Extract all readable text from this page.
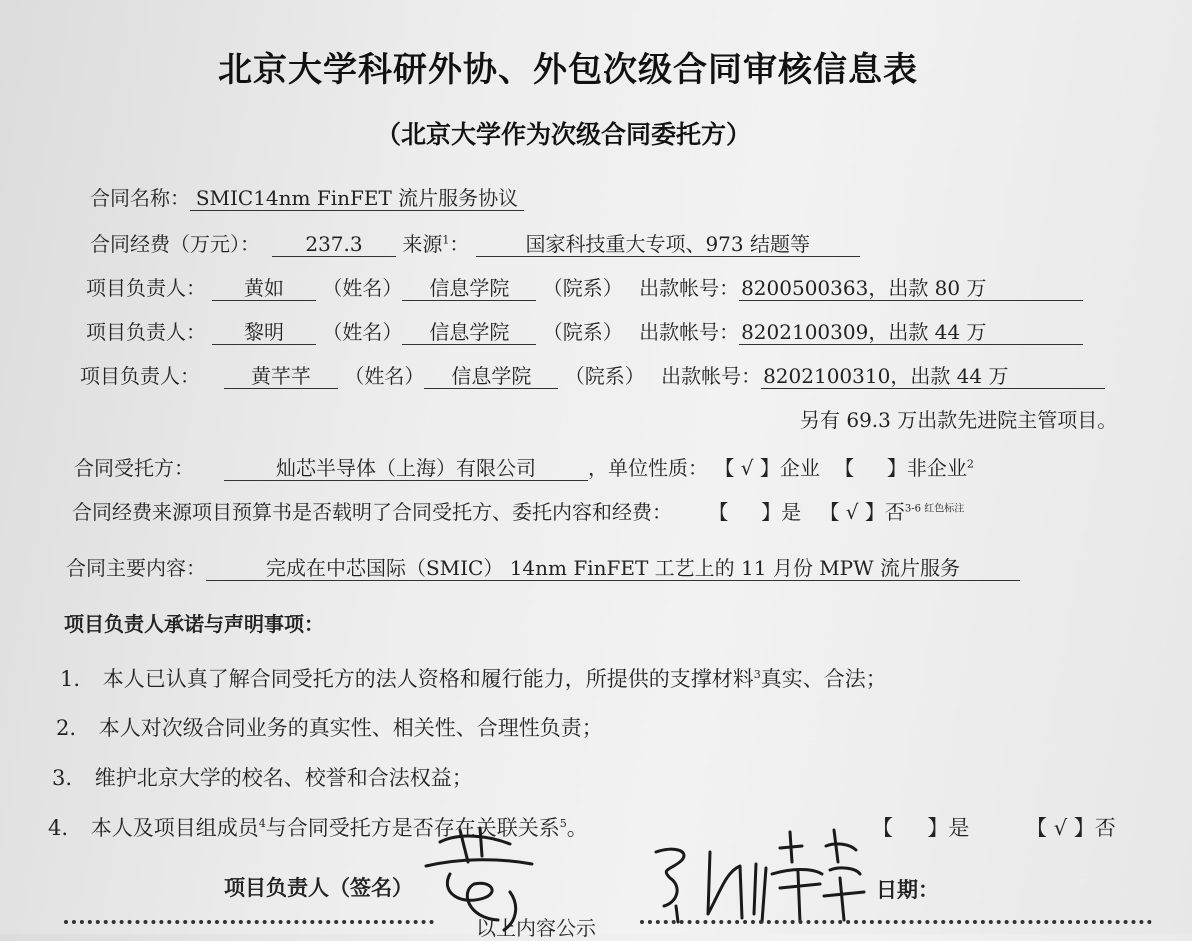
北京大学科研外协、外包次级合同审核信息表
（北京大学作为次级合同委托方）
合同名称： SMIC14nm FinFET 流片服务协议
合同经费（万元）： 237.3 来源$^1$：	国家科技重大专项、973 结题等
项目负责人： 黄如 （姓名） 信息学院 （院系） 出款帐号： 8200500363，出款 80 万
项目负责人： 黎明 （姓名） 信息学院 （院系） 出款帐号： 8202100309，出款 44 万
项目负责人：	黄芊芊 （姓名） 信息学院 （院系） 出款帐号： 8202100310，出款 44 万
另有 69.3 万出款先进院主管项目。
合同受托方：	灿芯半导体（上海）有限公司	，单位性质： 【 √ 】企业 【 　 】非企业$^2$
合同经费来源项目预算书是否载明了合同受托方、委托内容和经费： 【 　 】是 【 √ 】否$^{3-6 红色标注}$
合同主要内容：	完成在中芯国际（SMIC） 14nm FinFET 工艺上的 11 月份 MPW 流片服务
项目负责人承诺与声明事项：
1. 本人已认真了解合同受托方的法人资格和履行能力，所提供的支撑材料$^3$真实、合法；
2. 本人对次级合同业务的真实性、相关性、合理性负责；
3. 维护北京大学的校名、校誉和合法权益；
4. 本人及项目组成员$^4$与合同受托方是否存在关联关系$^5$。	【 　 】是	【 √ 】否
项目负责人（签名）	日期：
以上内容公示
